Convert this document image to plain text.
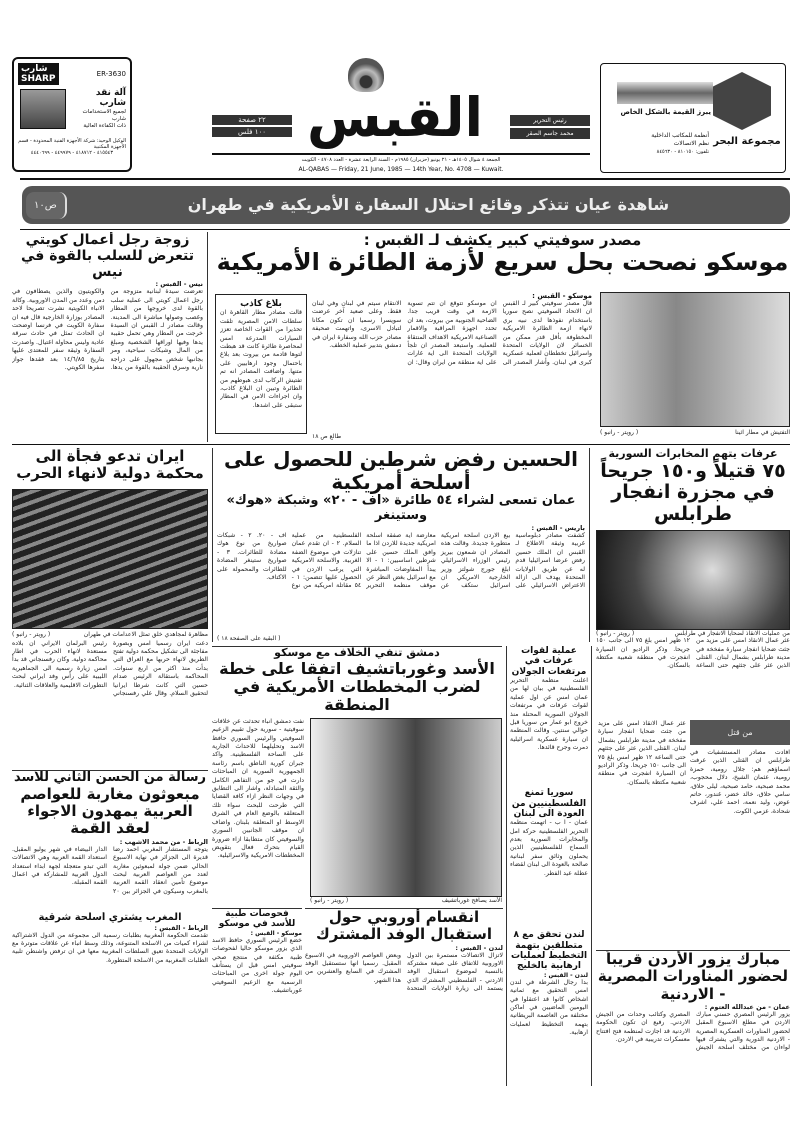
شارب
SHARP	ER-3630
آلة نقد شارب
لجميع الاستخدامات
شارب
ذات الكفاءة العالية
الوكيل الوحيد: شركة الأجهزة الفنية المحدودة - قسم الأجهزة المكتبية
٤١٥٥٤٣ - ٤١٨٧١٢ - ٤٤٩٩٧٩ - ٤٤٤٠٦٩٩
٢٢ صفحة
١٠٠ فلس القبس	رئيس التحرير
محمد جاسم الصقر
الجمعة ٤ شوال ١٤٠٥هـ - ٢١ يونيو (حزيران) ١٩٨٥م - السنة الرابعة عشرة - العدد ٤٧٠٨ - الكويت
AL-QABAS — Friday, 21 June, 1985 — 14th Year, No. 4708 — Kuwait.
يبرز القيمة بالشكل الخاص
أنظمة للمكاتب الداخلية
نظم الاتصالات
تلفون: ٨١٠١٥٠ - ٨٤٥٦٣٠
مجموعة البحر
شاهدة عيان تتذكر وقائع احتلال السفارة الأمريكية في طهران
ص١٠
مصدر سوفيتي كبير يكشف لـ القبس :
موسكو نصحت بحل سريع لأزمة الطائرة الأمريكية
( رويتر - رانبو )	التفتيش في مطار اثينا
موسكو - القبس :
قال مصدر سوفيتي كبير لـ القبس ان الاتحاد السوفيتي نصح سوريا باستخدام نفوذها لدى نبيه بري لانهاء ازمة الطائرة الامريكية المخطوفة بأقل قدر ممكن من الخسائر لان الولايات المتحدة واسرائيل تخططان لعملية عسكرية كبرى في لبنان. وأشار المصدر الى ان موسكو تتوقع ان تتم تسوية الازمة في وقت قريب جدا. الضاحية الجنوبية من بيروت، بعد ان تحدد اجهزة المراقبة والاقمار الصناعية الامريكية الاهداف المنتقاة للعملية. واستبعد المصدر ان تلجأ الولايات المتحدة الى اية غارات على اية منطقة من ايران وقال: ان الانتقام سيتم في لبنان وفي لبنان فقط. وعلى صعيد آخر عرضت سويسرا رسميا ان تكون مكانا لتبادل الاسرى، واتهمت صحيفة مصادر حزب الله وسفارة ايران في دمشق بتدبير عملية الخطف.
طالع ص ١٨
بلاغ كاذب
قالت مصادر مطار القاهرة ان سلطات الامن المصرية تلقت تحذيرا من القوات الخاصة تعزز السيارات المدرعة امس لمحاصرة طائرة كانت قد هبطت لتوها قادمة من بيروت بعد بلاغ باحتمال وجود ارهابيين على متنها. واضافت المصادر انه تم تفتيش الركاب لدى هبوطهم من الطائرة وتبين ان البلاغ كاذب، وان اجراءات الامن في المطار ستبقى على اشدها.
زوجة رجل أعمال كويتي تتعرض للسلب بالقوة في نيس
نيس - القبس :
تعرضت سيدة لبنانية متزوجة من رجل اعمال كويتي الى عملية سلب بالقوة لدى خروجها من المطار وغصب وصولها مباشرة الى المدينة. وقالت مصادر لـ القبس ان السيدة خرجت من المطار وهي تحمل حقيبة يدها وفيها اوراقها الشخصية ومبلغ من المال وشيكات سياحية، ومر بجانبها شخص مجهول على دراجة نارية وسرق الحقيبة بالقوة من يدها. والكويتيون والذين يصطافون في دمن وعدد من المدن الاوروبية. وكالة الانباء الكويتية نشرت تصريحا لاحد المصادر بوزارة الخارجية قال فيه ان سفارة الكويت في فرنسا اوضحت ان الحادث تمثل في حادث سرقة عادية وليس محاولة اغتيال. واصدرت السفارة وثيقة سفر للمعتدى عليها بتاريخ ١٤/٦/٨٥ بعد فقدها جواز سفرها الكويتي.
ايران تدعو فجأة الى محكمة دولية لانهاء الحرب
( رويتر - رانبو )	مظاهرة لمجاهدي خلق تمثل الاعدامات في طهران
دعت ايران رسميا امس وبصورة مفاجئة الى تشكيل محكمة دولية تفتح الطريق لانهاء حربها مع العراق التي بدأت منذ اكثر من اربع سنوات. المحاكمة باستقالة الرئيس صدام حسين التي كانت شرطا ايرانيا لتحقيق السلام. وقال علي رفسنجاني رئيس البرلمان الايراني ان بلاده مستعدة لانهاء الحرب في اطار محاكمة دولية. وكان رفسنجاني قد بدأ امس زيارة رسمية الى الجماهيرية الليبية على رأس وفد ايراني لبحث التطورات الاقليمية والعلاقات الثنائية.
الحسين رفض شرطين للحصول على أسلحة أمريكية
عمان تسعى لشراء ٥٤ طائرة «اف - ٢٠» وشبكة «هوك» وستينغر
باريس - القبس :
كشفت مصادر دبلوماسية غربية وثيقة الاطلاع لـ القبس ان الملك حسين رفض عرضا اسرائيليا قدم له عن طريق الولايات المتحدة يهدف الى ازالة الاعتراض الاسرائيلي على بيع الاردن اسلحة امريكية متطورة جديدة. وقالت هذه المصادر ان شمعون بيريز رئيس الوزراء الاسرائيلي ابلغ جورج شولتز وزير الخارجية الامريكي ان اسرائيل ستكف عن معارضة اية صفقة اسلحة امريكية جديدة للاردن اذا ما وافق الملك حسين على شرطين اساسيين: ١ - الا يبدأ المفاوضات المباشرة مع اسرائيل بغض النظر عن موقف منظمة التحرير الفلسطينية من عملية السلام. ٢ - ان تقدم عمان تنازلات في موضوع الضفة الغربية. والاسلحة الامريكية التي يرغب الاردن في الحصول عليها تتضمن: ١ - ٥٤ مقاتلة امريكية من نوع اف - ٢٠. ٢ - شبكات صواريخ من نوع هوك مضادة للطائرات. ٣ - صواريخ ستينغر المضادة للطائرات والمحمولة على الاكتاف.
( البقية على الصفحة ١٨ )
عرفات يتهم المخابرات السورية
٧٥ قتيلاً و١٥٠ جريحاً في مجزرة انفجار طرابلس
( رويتر - رانبو )	من عمليات الانقاذ لضحايا الانفجار في طرابلس
عثر عمال الانقاذ امس على مزيد من جثث ضحايا انفجار سيارة مفخخة في مدينة طرابلس بشمال لبنان. القتلى الذين عثر على جثثهم حتى الساعة ١٢ ظهر امس بلغ ٧٥ الى جانب ١٥٠ جريحا. وذكر الراديو ان السيارة انفجرت في منطقة شعبية مكتظة بالسكان.
من قتل
افادت مصادر المستشفيات في طرابلس ان القتلى الذين عرفت اسماؤهم هم: جلال رومية، حمزة رومية، عثمان الشيخ، دلال محجوب، محمد صبحية، حامد صبحية، ليلى حلاق، سامي حلاق، خالد خضر، غندور، حاتم عوض، وليد نعمة، احمد علي، اشرف شحادة، عزمي الكوت.
دمشق تنفي الخلاف مع موسكو
الأسد وغورباتشيف اتفقا على خطة لضرب المخططات الأمريكية في المنطقة
نفت دمشق انباء تحدثت عن خلافات سوفيتية - سورية حول تقييم الزعيم السوفيتي والرئيس السوري حافظ الاسد وتحليلهما للاحداث الجارية على الساحة الفلسطينية. واكد جبران كورية الناطق باسم رئاسة الجمهورية السورية ان المباحثات دارت في جو من التفاهم الكامل والثقة المتبادلة، واشار الى التطابق في وجهات النظر ازاء كافة القضايا التي طرحت للبحث سواء تلك المتعلقة بالوضع العام في الشرق الاوسط او المتعلقة بلبنان. واضاف ان موقف الجانبين السوري والسوفيتي كان متطابقا ازاء ضرورة القيام بتحرك فعال بتقويض المخططات الامريكية والاسرائيلية.
( رويتر - رانبو )	الأسد يصافح غورباتشيف
عملية لقوات عرفات في مرتفعات الجولان
اعلنت منظمة التحرير الفلسطينية في بيان لها من عمان امس عن اول عملية لقوات عرفات في مرتفعات الجولان السورية المحتلة منذ خروج ابو عمار من سوريا قبل حوالي سنتين. وقالت المنظمة ان سيارة عسكرية اسرائيلية دمرت وجرح قائدها.
سوريا تمنع الفلسطينيين من العودة الى لبنان
عمان - ا ب - اتهمت منظمة التحرير الفلسطينية حركة امل والمخابرات السورية بعدم السماح للفلسطينيين الذين يحملون وثائق سفر لبنانية صالحة بالعودة الى لبنان لقضاء عطلة عيد الفطر.
لندن تحقق مع ٨ متطلقين بتهمة التخطيط لعمليات ارهابية بالخليج
لندن - القبس :
بدأ رجال الشرطة في لندن امس التحقيق مع ثمانية اشخاص كانوا قد اعتقلوا في اليومين الماضيين في اماكن مختلفة من العاصمة البريطانية بتهمة التخطيط لعمليات ارهابية.
رسالة من الحسن الثاني للأسد
مبعوثون مغاربة للعواصم العربية يمهدون الاجواء لعقد القمة
الرباط - من محمد الاشهب :
يتوجه المستشار المغربي احمد رضا قديرة الى الجزائر في نهاية الاسبوع الحالي ضمن جولة لمبعوثين مغاربة لعدد من العواصم العربية لبحث موضوع تأمين انعقاد القمة العربية بالمغرب وسيكون في الجزائر بين ٢٠ الدار البيضاء في شهر يوليو المقبل. استعداد القمة العربية وهي الاتصالات التي تبدو متعجلة لجهة ابداء استعداد الدول العربية للمشاركة في اعمال القمة المقبلة.
المغرب يشتري أسلحة شرقية
الرباط - القبس :
تقدمت الحكومة المغربية بطلبات رسمية الى مجموعة من الدول الاشتراكية لشراء كميات من الاسلحة المتنوعة، وذلك وسط انباء عن علاقات متوترة مع الولايات المتحدة تعيق السلطات المغربية معها في ان ترفض واشنطن تلبية الطلبات المغربية من الاسلحة المتطورة.
انقسام أوروبي حول استقبال الوفد المشترك
لندن - القبس :
لاتزال الاتصالات مستمرة بين الدول الاوروبية للاتفاق على صيغة مشتركة بالنسبة لموضوع استقبال الوفد الاردني - الفلسطيني المشترك الذي يستمد الى زيارة الولايات المتحدة وبعض العواصم الاوروبية في الاسبوع المقبل. رسميا انها ستستقبل الوفد المشترك في السابع والعشرين من هذا الشهر.
فحوصات طبية للأسد في موسكو
موسكو - القبس :
خضع الرئيس السوري حافظ الاسد الذي يزور موسكو حاليا لفحوصات طبية مكثفة في منتجع صحي سوفيتي امس قبل ان يستأنف اليوم جولة اخرى من المباحثات الرسمية مع الزعيم السوفيتي غورباتشيف.
عثر عمال الانقاذ امس على مزيد من جثث ضحايا انفجار سيارة مفخخة في مدينة طرابلس بشمال لبنان. القتلى الذين عثر على جثثهم حتى الساعة ١٢ ظهر امس بلغ ٧٥ الى جانب ١٥٠ جريحا. وذكر الراديو ان السيارة انفجرت في منطقة شعبية مكتظة بالسكان.
مبارك يزور الأردن قريباً لحضور المناورات المصرية - الاردنية
عمان - من عبدالله العتوم :
يزور الرئيس المصري حسني مبارك الاردن في مطلع الاسبوع المقبل لحضور المناورات العسكرية المصرية - الاردنية الدورية والتي يشترك فيها لواءان من مختلف اسلحة الجيش المصري وكتائب وحدات من الجيش الاردني. رفيع ان تكون الحكومة الاردنية قد اجازت لمنظمة فتح افتتاح معسكرات تدريبية في الاردن.
